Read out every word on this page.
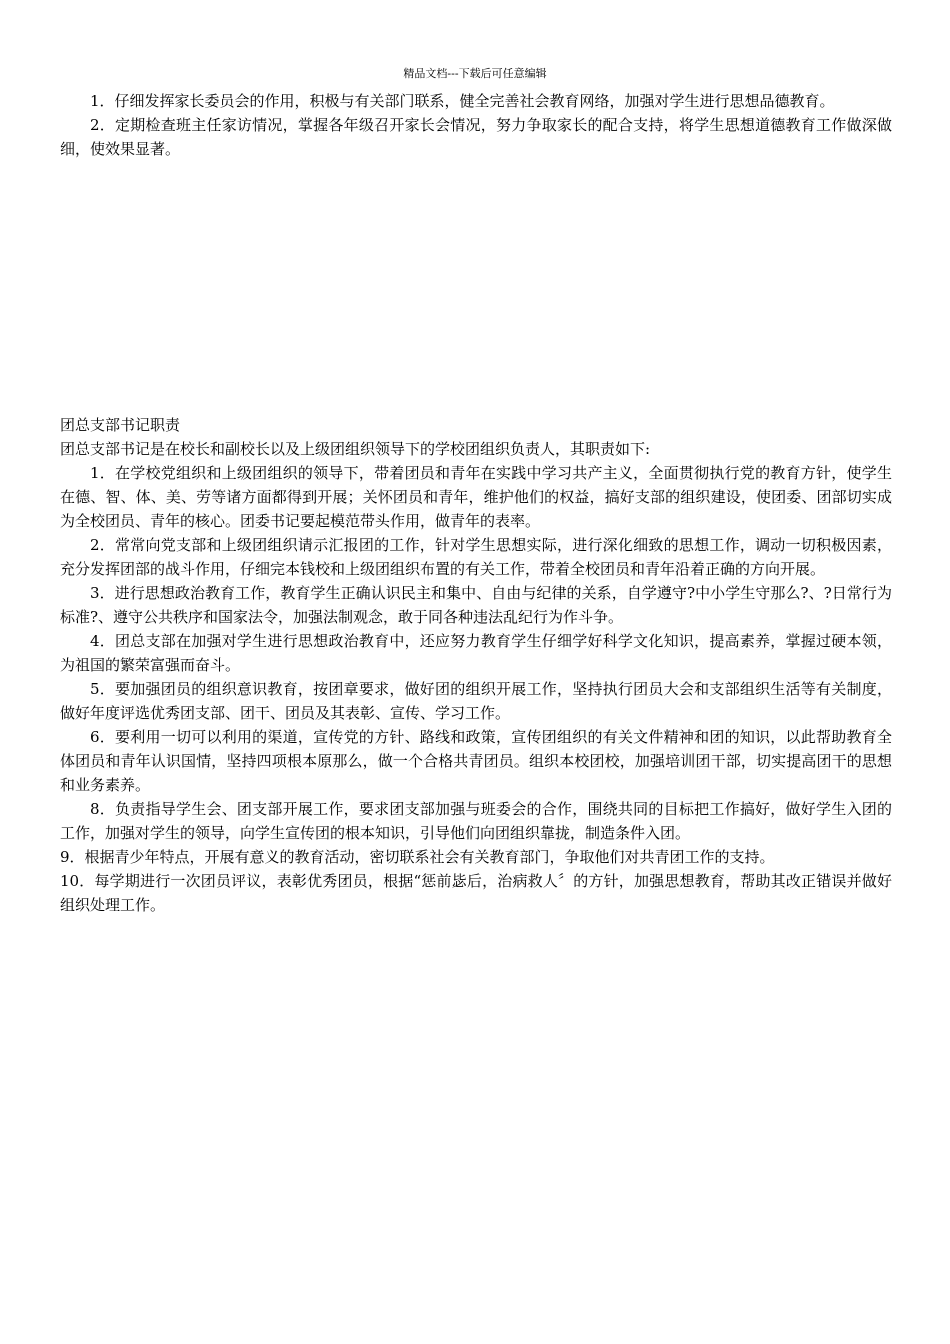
精品文档---下载后可任意编辑

1．仔细发挥家长委员会的作用，积极与有关部门联系，健全完善社会教育网络，加强对学生进行思想品德教育。

2．定期检查班主任家访情况，掌握各年级召开家长会情况，努力争取家长的配合支持，将学生思想道德教育工作做深做细，使效果显著。

团总支部书记职责

团总支部书记是在校长和副校长以及上级团组织领导下的学校团组织负责人，其职责如下:

1．在学校党组织和上级团组织的领导下，带着团员和青年在实践中学习共产主义，全面贯彻执行党的教育方针，使学生在德、智、体、美、劳等诸方面都得到开展；关怀团员和青年，维护他们的权益，搞好支部的组织建设，使团委、团部切实成为全校团员、青年的核心。团委书记要起模范带头作用，做青年的表率。

2．常常向党支部和上级团组织请示汇报团的工作，针对学生思想实际，进行深化细致的思想工作，调动一切积极因素，充分发挥团部的战斗作用，仔细完本钱校和上级团组织布置的有关工作，带着全校团员和青年沿着正确的方向开展。

3．进行思想政治教育工作，教育学生正确认识民主和集中、自由与纪律的关系，自学遵守?中小学生守那么?、?日常行为标准?、遵守公共秩序和国家法令，加强法制观念，敢于同各种违法乱纪行为作斗争。

4．团总支部在加强对学生进行思想政治教育中，还应努力教育学生仔细学好科学文化知识，提高素养，掌握过硬本领，为祖国的繁荣富强而奋斗。

5．要加强团员的组织意识教育，按团章要求，做好团的组织开展工作，坚持执行团员大会和支部组织生活等有关制度，做好年度评选优秀团支部、团干、团员及其表彰、宣传、学习工作。

6．要利用一切可以利用的渠道，宣传党的方针、路线和政策，宣传团组织的有关文件精神和团的知识，以此帮助教育全体团员和青年认识国情，坚持四项根本原那么，做一个合格共青团员。组织本校团校，加强培训团干部，切实提高团干的思想和业务素养。

8．负责指导学生会、团支部开展工作，要求团支部加强与班委会的合作，围绕共同的目标把工作搞好，做好学生入团的工作，加强对学生的领导，向学生宣传团的根本知识，引导他们向团组织靠拢，制造条件入团。

9．根据青少年特点，开展有意义的教育活动，密切联系社会有关教育部门，争取他们对共青团工作的支持。

10．每学期进行一次团员评议，表彰优秀团员，根据“惩前毖后，治病救人〞的方针，加强思想教育，帮助其改正错误并做好组织处理工作。
